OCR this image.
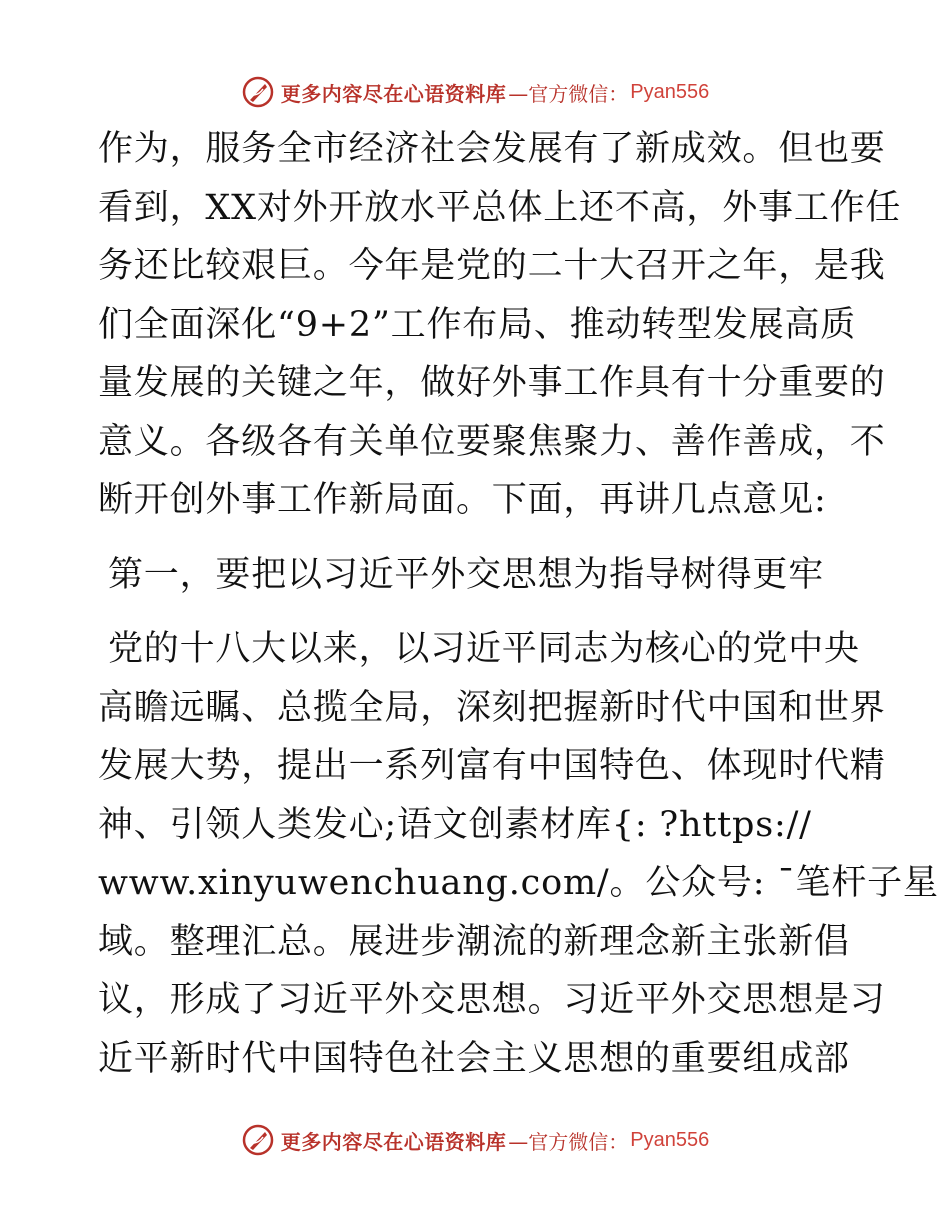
更多内容尽在心语资料库 —官方微信： Pyan556
作为，服务全市经济社会发展有了新成效。但也要
看到，XX对外开放水平总体上还不高，外事工作任
务还比较艰巨。今年是党的二十大召开之年，是我
们全面深化“9+2”工作布局、推动转型发展高质
量发展的关键之年，做好外事工作具有十分重要的
意义。各级各有关单位要聚焦聚力、善作善成，不
断开创外事工作新局面。下面，再讲几点意见:
第一，要把以习近平外交思想为指导树得更牢
党的十八大以来，以习近平同志为核心的党中央
高瞻远瞩、总揽全局，深刻把握新时代中国和世界
发展大势，提出一系列富有中国特色、体现时代精
神、引领人类发心;语文创素材库{: ?https://
www.xinyuwenchuang.com/。公众号: ¯笔杆子星
域。整理汇总。展进步潮流的新理念新主张新倡
议，形成了习近平外交思想。习近平外交思想是习
近平新时代中国特色社会主义思想的重要组成部
更多内容尽在心语资料库 —官方微信： Pyan556
